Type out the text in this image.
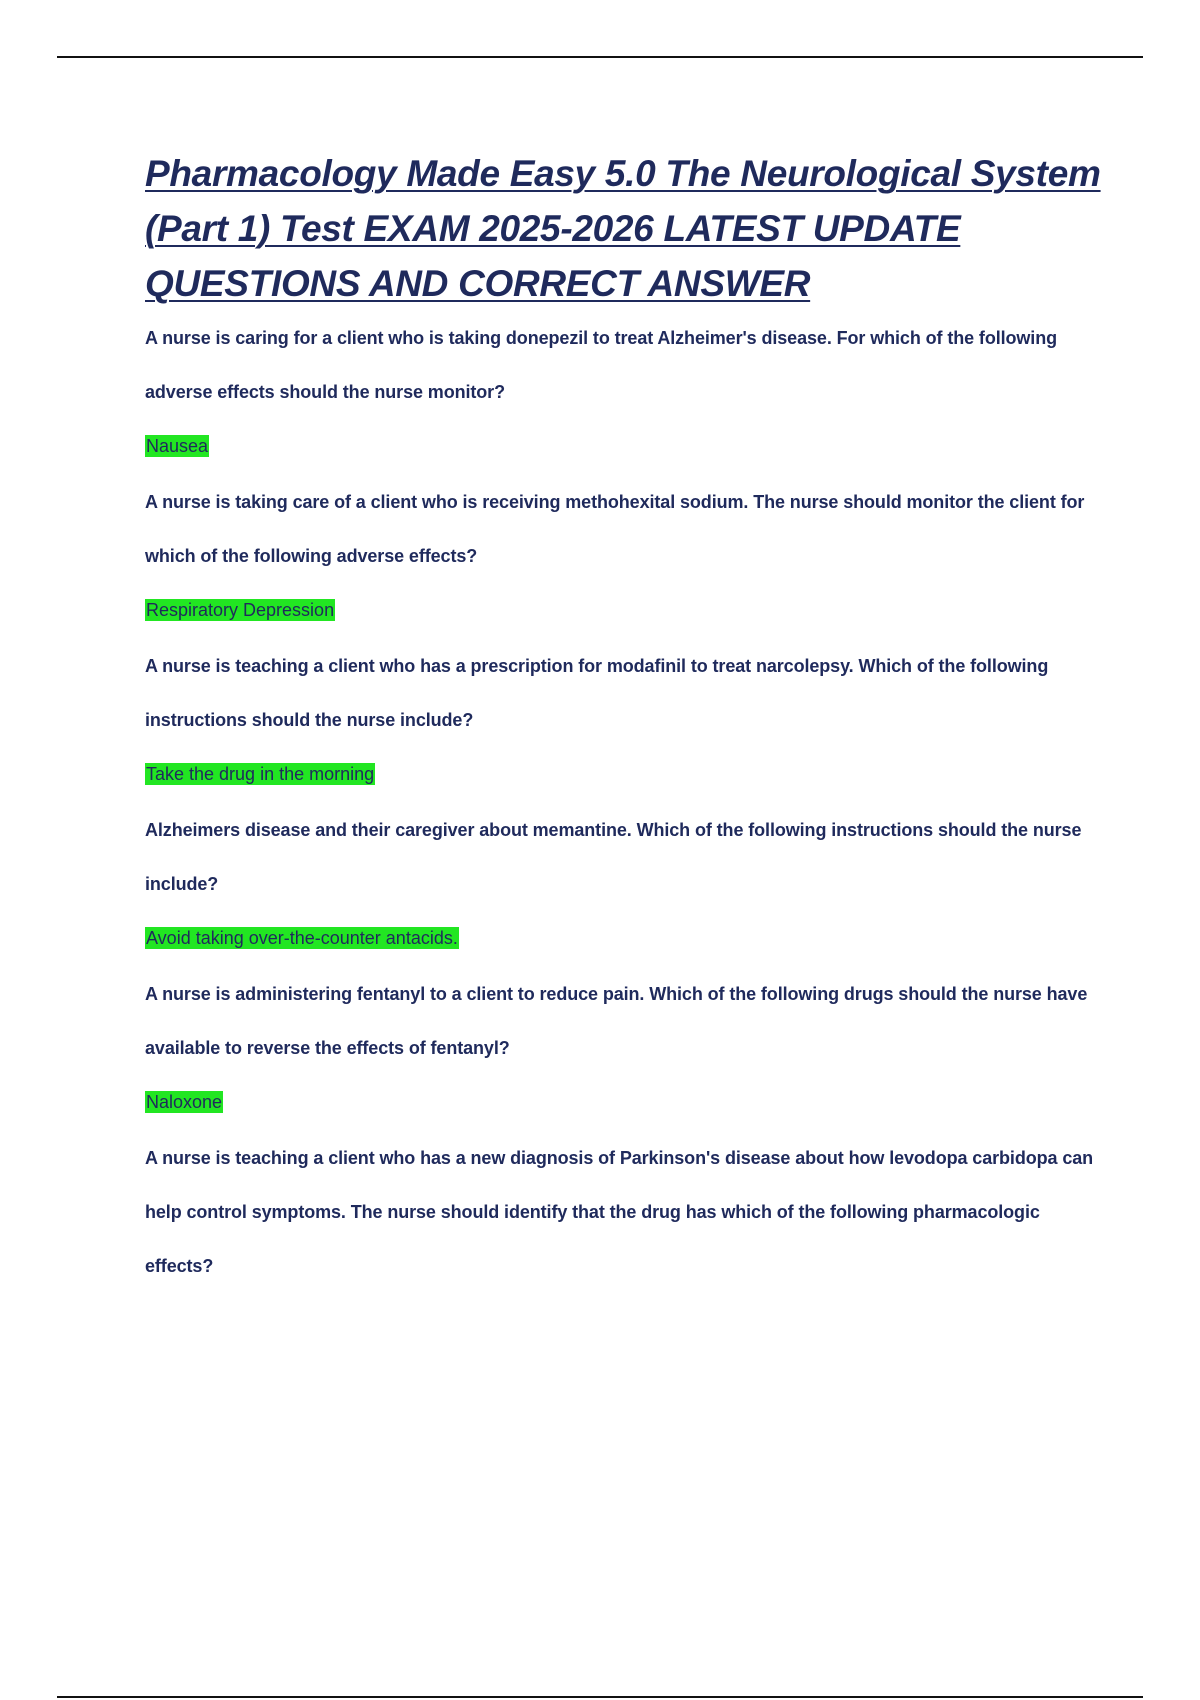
Pharmacology Made Easy 5.0 The Neurological System (Part 1) Test EXAM 2025-2026 LATEST UPDATE QUESTIONS AND CORRECT ANSWER

A nurse is caring for a client who is taking donepezil to treat Alzheimer's disease. For which of the following adverse effects should the nurse monitor?

Nausea

A nurse is taking care of a client who is receiving methohexital sodium. The nurse should monitor the client for which of the following adverse effects?

Respiratory Depression

A nurse is teaching a client who has a prescription for modafinil to treat narcolepsy. Which of the following instructions should the nurse include?

Take the drug in the morning

Alzheimers disease and their caregiver about memantine. Which of the following instructions should the nurse include?

Avoid taking over-the-counter antacids.

A nurse is administering fentanyl to a client to reduce pain. Which of the following drugs should the nurse have available to reverse the effects of fentanyl?

Naloxone

A nurse is teaching a client who has a new diagnosis of Parkinson's disease about how levodopa carbidopa can help control symptoms. The nurse should identify that the drug has which of the following pharmacologic effects?
